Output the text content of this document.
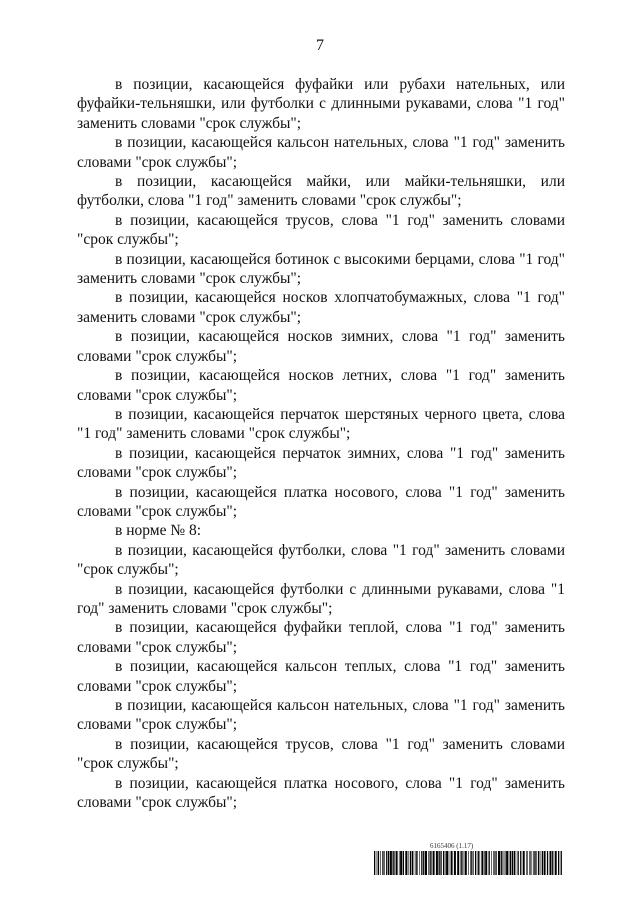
7

в позиции, касающейся фуфайки или рубахи нательных, или фуфайки-тельняшки, или футболки с длинными рукавами, слова "1 год" заменить словами "срок службы";

в позиции, касающейся кальсон нательных, слова "1 год" заменить словами "срок службы";

в позиции, касающейся майки, или майки-тельняшки, или футболки, слова "1 год" заменить словами "срок службы";

в позиции, касающейся трусов, слова "1 год" заменить словами "срок службы";

в позиции, касающейся ботинок с высокими берцами, слова "1 год" заменить словами "срок службы";

в позиции, касающейся носков хлопчатобумажных, слова "1 год" заменить словами "срок службы";

в позиции, касающейся носков зимних, слова "1 год" заменить словами "срок службы";

в позиции, касающейся носков летних, слова "1 год" заменить словами "срок службы";

в позиции, касающейся перчаток шерстяных черного цвета, слова "1 год" заменить словами "срок службы";

в позиции, касающейся перчаток зимних, слова "1 год" заменить словами "срок службы";

в позиции, касающейся платка носового, слова "1 год" заменить словами "срок службы";

в норме № 8:

в позиции, касающейся футболки, слова "1 год" заменить словами "срок службы";

в позиции, касающейся футболки с длинными рукавами, слова "1 год" заменить словами "срок службы";

в позиции, касающейся фуфайки теплой, слова "1 год" заменить словами "срок службы";

в позиции, касающейся кальсон теплых, слова "1 год" заменить словами "срок службы";

в позиции, касающейся кальсон нательных, слова "1 год" заменить словами "срок службы";

в позиции, касающейся трусов, слова "1 год" заменить словами "срок службы";

в позиции, касающейся платка носового, слова "1 год" заменить словами "срок службы";

6165406 (1.17)
